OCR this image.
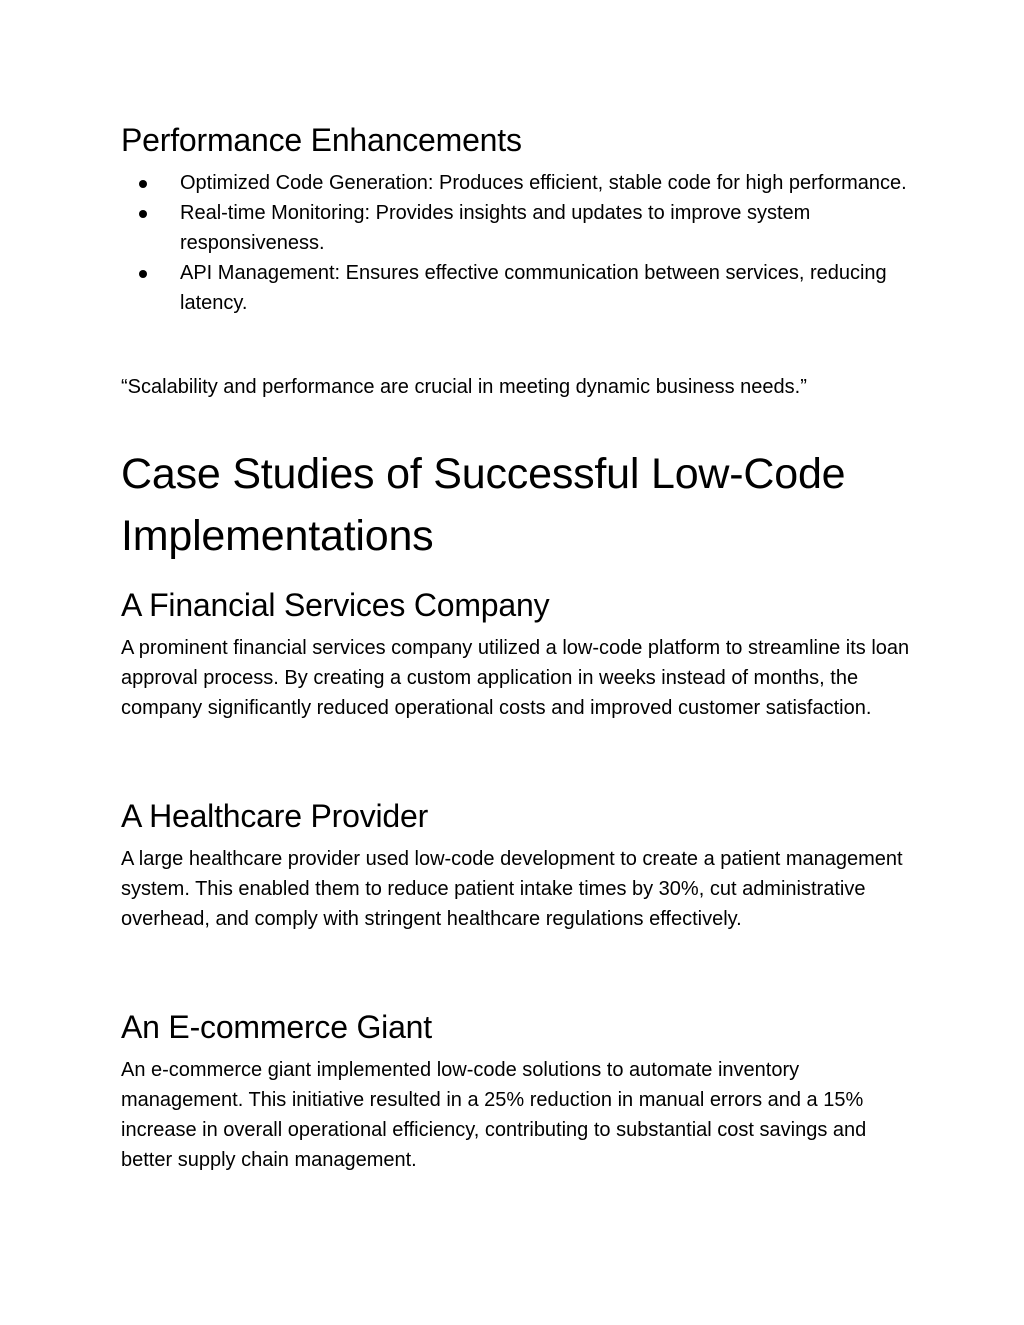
Performance Enhancements
Optimized Code Generation: Produces efficient, stable code for high performance.
Real-time Monitoring: Provides insights and updates to improve system responsiveness.
API Management: Ensures effective communication between services, reducing latency.

“Scalability and performance are crucial in meeting dynamic business needs.”

Case Studies of Successful Low-Code Implementations
A Financial Services Company

A prominent financial services company utilized a low-code platform to streamline its loan approval process. By creating a custom application in weeks instead of months, the company significantly reduced operational costs and improved customer satisfaction.

A Healthcare Provider

A large healthcare provider used low-code development to create a patient management system. This enabled them to reduce patient intake times by 30%, cut administrative overhead, and comply with stringent healthcare regulations effectively.

An E-commerce Giant

An e-commerce giant implemented low-code solutions to automate inventory management. This initiative resulted in a 25% reduction in manual errors and a 15% increase in overall operational efficiency, contributing to substantial cost savings and better supply chain management.
